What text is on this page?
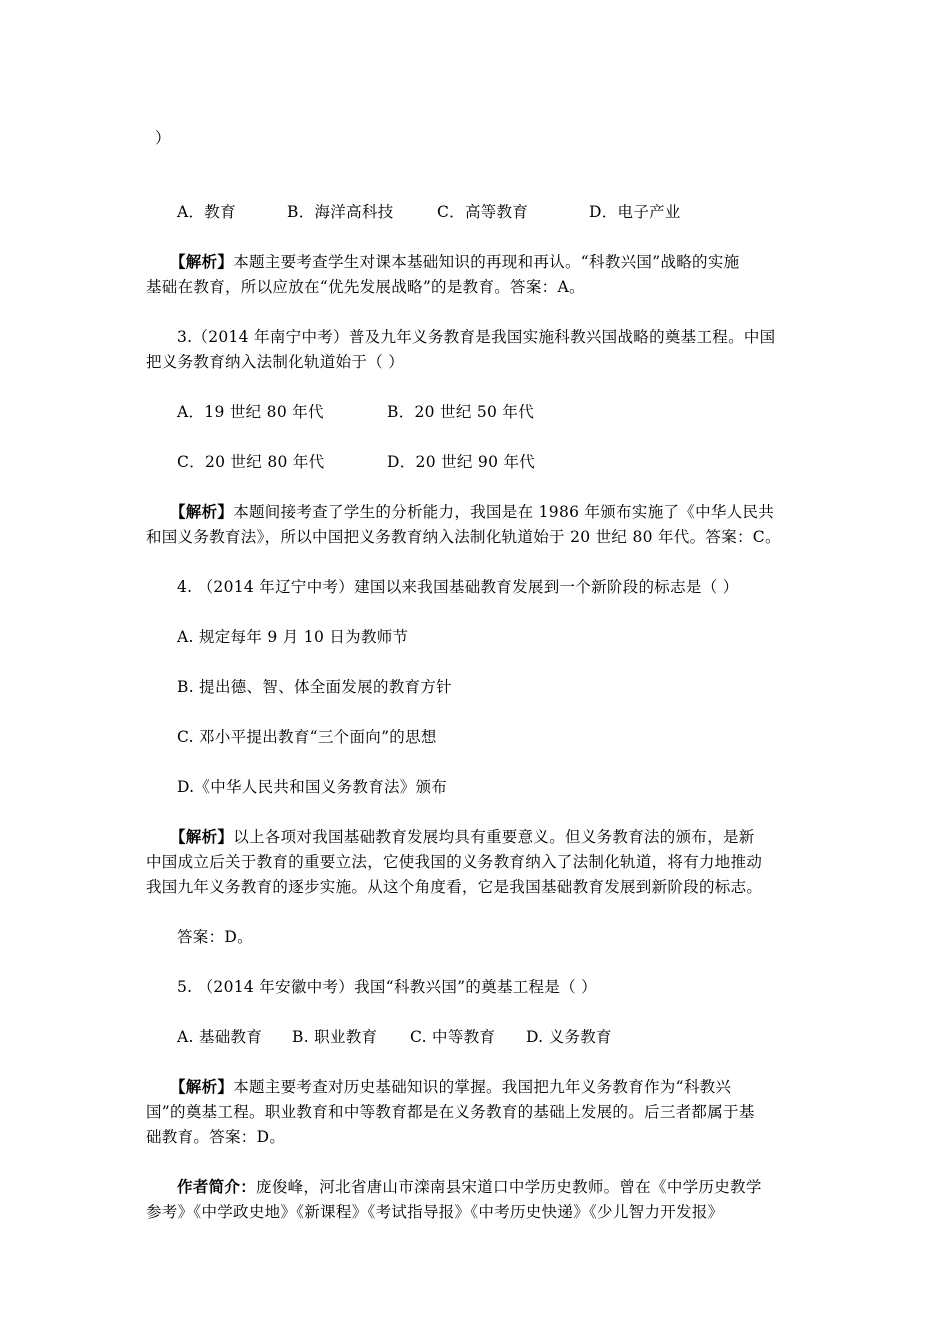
）
A．教育	B．海洋高科技	C．高等教育	D．电子产业
【解析】本题主要考查学生对课本基础知识的再现和再认。“科教兴国”战略的实施
基础在教育，所以应放在“优先发展战略”的是教育。答案：A。
3.（2014 年南宁中考）普及九年义务教育是我国实施科教兴国战略的奠基工程。中国
把义务教育纳入法制化轨道始于（ ）
A．19 世纪 80 年代	B．20 世纪 50 年代
C．20 世纪 80 年代	D．20 世纪 90 年代
【解析】本题间接考查了学生的分析能力，我国是在 1986 年颁布实施了《中华人民共
和国义务教育法》，所以中国把义务教育纳入法制化轨道始于 20 世纪 80 年代。答案：C。
4. （2014 年辽宁中考）建国以来我国基础教育发展到一个新阶段的标志是（ ）
A. 规定每年 9 月 10 日为教师节
B. 提出德、智、体全面发展的教育方针
C. 邓小平提出教育“三个面向”的思想
D.《中华人民共和国义务教育法》颁布
【解析】以上各项对我国基础教育发展均具有重要意义。但义务教育法的颁布，是新
中国成立后关于教育的重要立法，它使我国的义务教育纳入了法制化轨道，将有力地推动
我国九年义务教育的逐步实施。从这个角度看，它是我国基础教育发展到新阶段的标志。
答案：D。
5. （2014 年安徽中考）我国“科教兴国”的奠基工程是（ ）
A. 基础教育 B. 职业教育 C. 中等教育 D. 义务教育
【解析】本题主要考查对历史基础知识的掌握。我国把九年义务教育作为“科教兴
国”的奠基工程。职业教育和中等教育都是在义务教育的基础上发展的。后三者都属于基
础教育。答案：D。
作者简介：庞俊峰，河北省唐山市滦南县宋道口中学历史教师。曾在《中学历史教学
参考》《中学政史地》《新课程》《考试指导报》《中考历史快递》《少儿智力开发报》
